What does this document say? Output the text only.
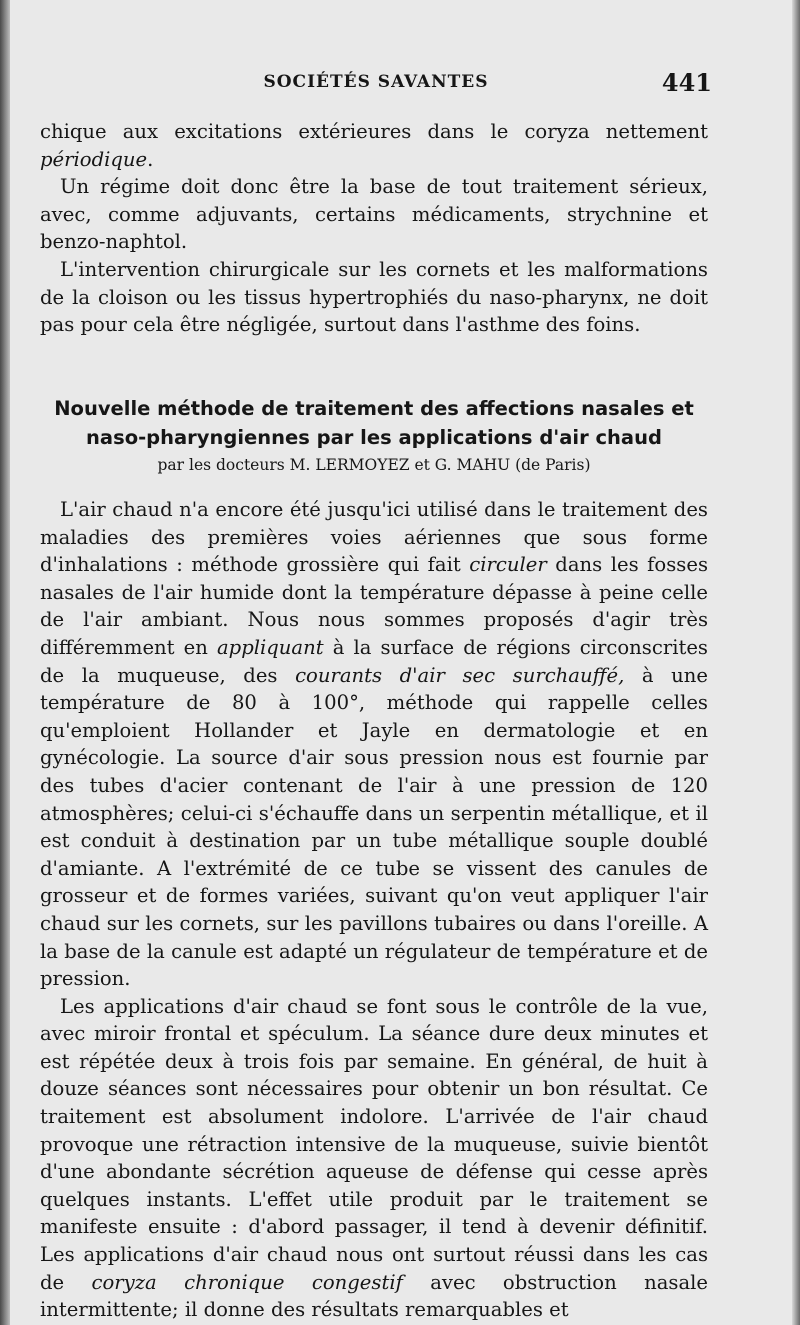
SOCIÉTÉS SAVANTES	441

chique aux excitations extérieures dans le coryza nettement périodique.

Un régime doit donc être la base de tout traitement sérieux, avec, comme adjuvants, certains médicaments, strychnine et benzo-naphtol.

L'intervention chirurgicale sur les cornets et les malformations de la cloison ou les tissus hypertrophiés du naso-pharynx, ne doit pas pour cela être négligée, surtout dans l'asthme des foins.

Nouvelle méthode de traitement des affections nasales et
naso-pharyngiennes par les applications d'air chaud
par les docteurs M. LERMOYEZ et G. MAHU (de Paris)

L'air chaud n'a encore été jusqu'ici utilisé dans le traitement des maladies des premières voies aériennes que sous forme d'inhalations : méthode grossière qui fait circuler dans les fosses nasales de l'air humide dont la température dépasse à peine celle de l'air ambiant. Nous nous sommes proposés d'agir très différemment en appliquant à la surface de régions circonscrites de la muqueuse, des courants d'air sec surchauffé, à une température de 80 à 100°, méthode qui rappelle celles qu'emploient Hollander et Jayle en dermatologie et en gynécologie. La source d'air sous pression nous est fournie par des tubes d'acier contenant de l'air à une pression de 120 atmosphères; celui-ci s'échauffe dans un serpentin métallique, et il est conduit à destination par un tube métallique souple doublé d'amiante. A l'extrémité de ce tube se vissent des canules de grosseur et de formes variées, suivant qu'on veut appliquer l'air chaud sur les cornets, sur les pavillons tubaires ou dans l'oreille. A la base de la canule est adapté un régulateur de température et de pression.

Les applications d'air chaud se font sous le contrôle de la vue, avec miroir frontal et spéculum. La séance dure deux minutes et est répétée deux à trois fois par semaine. En général, de huit à douze séances sont nécessaires pour obtenir un bon résultat. Ce traitement est absolument indolore. L'arrivée de l'air chaud provoque une rétraction intensive de la muqueuse, suivie bientôt d'une abondante sécrétion aqueuse de défense qui cesse après quelques instants. L'effet utile produit par le traitement se manifeste ensuite : d'abord passager, il tend à devenir définitif. Les applications d'air chaud nous ont surtout réussi dans les cas de coryza chronique congestif avec obstruction nasale intermittente; il donne des résultats remarquables et
